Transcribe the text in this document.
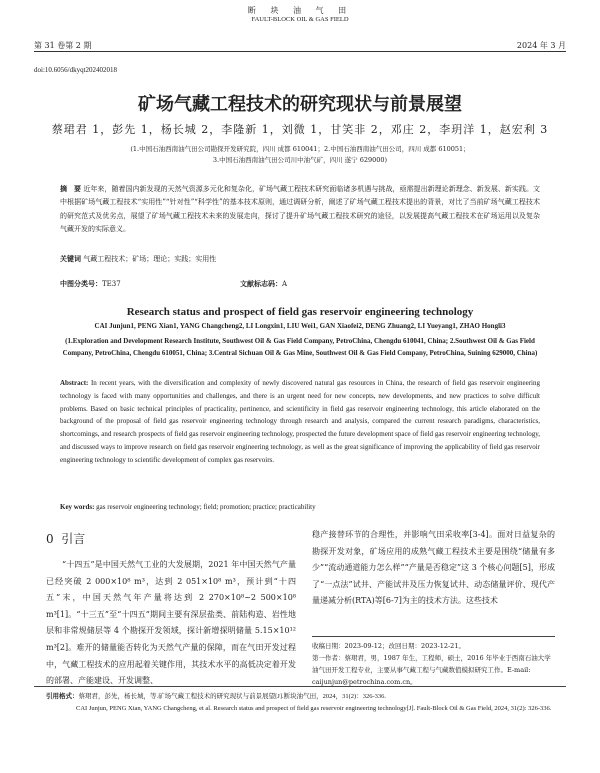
断 块 油 气 田
FAULT-BLOCK OIL & GAS FIELD
第 31 卷第 2 期	2024 年 3 月
doi:10.6056/dkyqt202402018
矿场气藏工程技术的研究现状与前景展望
蔡珺君 1，彭先 1，杨长城 2，李隆新 1，刘微 1，甘笑非 2，邓庄 2，李玥洋 1，赵宏利 3
(1.中国石油西南油气田公司勘探开发研究院，四川 成都 610041；2.中国石油西南油气田公司，四川 成都 610051；
3.中国石油西南油气田公司川中油气矿，四川 遂宁 629000)
摘　要 近年来，随着国内新发现的天然气资源多元化和复杂化，矿场气藏工程技术研究面临诸多机遇与挑战，亟需提出新理论新理念、新发展、新实践。文中根据矿场气藏工程技术“实用性”“针对性”“科学性”的基本技术原则，通过调研分析，阐述了矿场气藏工程技术提出的背景，对比了当前矿场气藏工程技术的研究范式及优劣点，展望了矿场气藏工程技术未来的发展走向，探讨了提升矿场气藏工程技术研究的途径，以发展提高气藏工程技术在矿场运用以及复杂气藏开发的实际意义。
关键词 气藏工程技术；矿场；理论；实践；实用性
中图分类号：TE37	文献标志码：A
Research status and prospect of field gas reservoir engineering technology
CAI Junjun1, PENG Xian1, YANG Changcheng2, LI Longxin1, LIU Wei1, GAN Xiaofei2, DENG Zhuang2, LI Yueyang1, ZHAO Hongli3
(1.Exploration and Development Research Institute, Southwest Oil & Gas Field Company, PetroChina, Chengdu 610041, China; 2.Southwest Oil & Gas Field Company, PetroChina, Chengdu 610051, China; 3.Central Sichuan Oil & Gas Mine, Southwest Oil & Gas Field Company, PetroChina, Suining 629000, China)
Abstract: In recent years, with the diversification and complexity of newly discovered natural gas resources in China, the research of field gas reservoir engineering technology is faced with many opportunities and challenges, and there is an urgent need for new concepts, new developments, and new practices to solve difficult problems. Based on basic technical principles of practicality, pertinence, and scientificity in field gas reservoir engineering technology, this article elaborated on the background of the proposal of field gas reservoir engineering technology through research and analysis, compared the current research paradigms, characteristics, shortcomings, and research prospects of field gas reservoir engineering technology, prospected the future development space of field gas reservoir engineering technology, and discussed ways to improve research on field gas reservoir engineering technology, as well as the great significance of improving the applicability of field gas reservoir engineering technology to scientific development of complex gas reservoirs.
Key words: gas reservoir engineering technology; field; promotion; practice; practicability
0 引言
“十四五”是中国天然气工业的大发展期，2021 年中国天然气产量已经突破 2 000×10⁸ m³，达到 2 051×10⁸ m³，预计到“十四五”末，中国天然气年产量将达到 2 270×10⁸~2 500×10⁸ m³[1]。“十三五”至“十四五”期间主要有深层盐类、前陆构造、岩性地层和非常规储层等 4 个勘探开发领域，探计新增探明储量 5.15×10¹² m³[2]。难开的储量能否转化为天然气产量的保障，而在气田开发过程中，气藏工程技术的应用起着关键作用，其技术水平的高低决定着开发的部署、产能建设、开发调整、
稳产接替环节的合理性，并影响气田采收率[3-4]。面对日益复杂的勘探开发对象，矿场应用的成熟气藏工程技术主要是围绕“储量有多少”“流动通道能力怎么样”“产量是否稳定”这 3 个核心问题[5]，形成了“一点法”试井、产能试井及压力恢复试井、动态储量评价、现代产量递减分析(RTA)等[6-7]为主的技术方法。这些技术
收稿日期：2023-09-12；改回日期：2023-12-21。
第一作者：蔡珺君，男，1987 年生，工程师，硕士，2016 年毕业于西南石油大学油气田开发工程专业，主要从事气藏工程与气藏数值模拟研究工作。E-mail: caijunjun@petrochina.com.cn。
引用格式：蔡珺君，彭先，杨长城，等.矿场气藏工程技术的研究现状与前景展望[J].断块油气田，2024，31(2)：326-336.
CAI Junjun, PENG Xian, YANG Changcheng, et al. Research status and prospect of field gas reservoir engineering technology[J]. Fault-Block Oil & Gas Field, 2024, 31(2): 326-336.
